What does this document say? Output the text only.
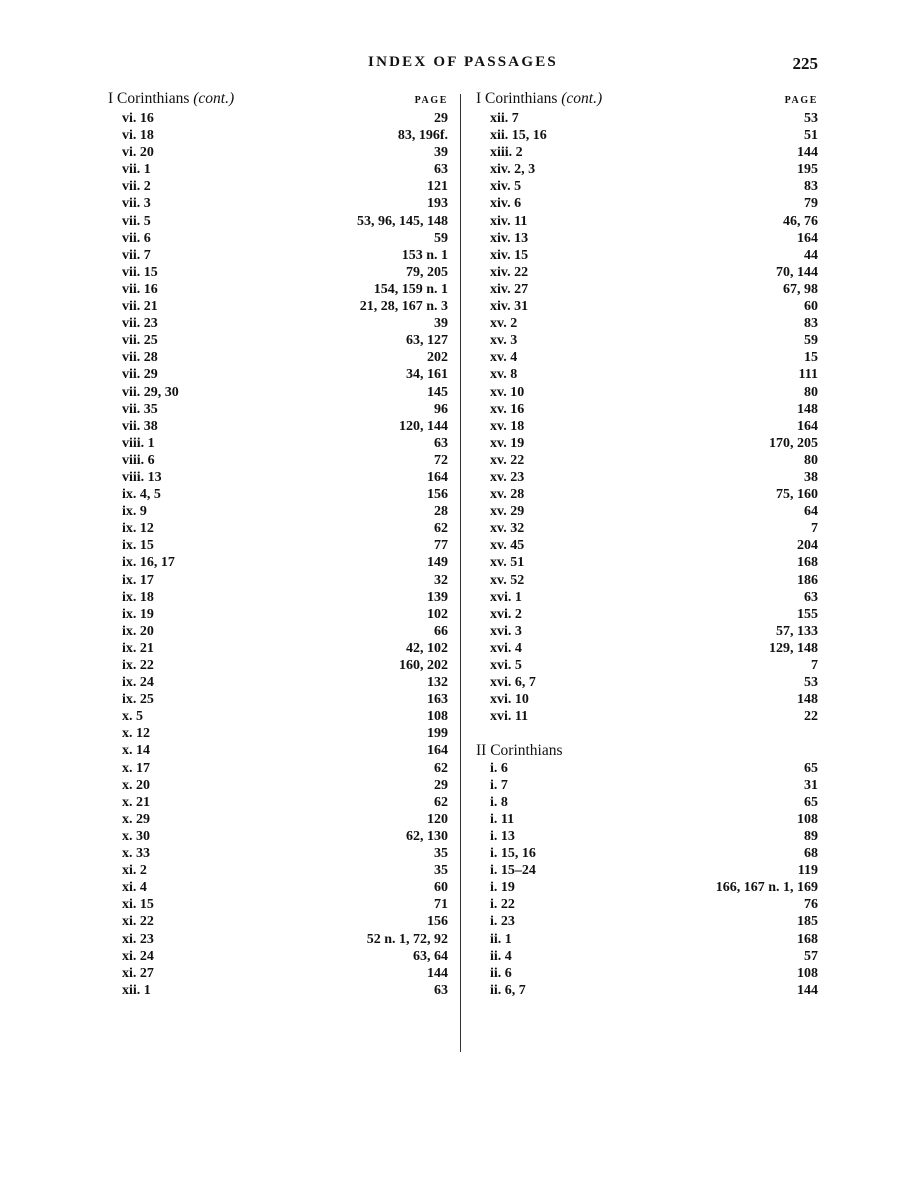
INDEX OF PASSAGES	225
I Corinthians (cont.)	PAGE
vi. 16	29
vi. 18	83, 196f.
vi. 20	39
vii. 1	63
vii. 2	121
vii. 3	193
vii. 5	53, 96, 145, 148
vii. 6	59
vii. 7	153 n. 1
vii. 15	79, 205
vii. 16	154, 159 n. 1
vii. 21	21, 28, 167 n. 3
vii. 23	39
vii. 25	63, 127
vii. 28	202
vii. 29	34, 161
vii. 29, 30	145
vii. 35	96
vii. 38	120, 144
viii. 1	63
viii. 6	72
viii. 13	164
ix. 4, 5	156
ix. 9	28
ix. 12	62
ix. 15	77
ix. 16, 17	149
ix. 17	32
ix. 18	139
ix. 19	102
ix. 20	66
ix. 21	42, 102
ix. 22	160, 202
ix. 24	132
ix. 25	163
x. 5	108
x. 12	199
x. 14	164
x. 17	62
x. 20	29
x. 21	62
x. 29	120
x. 30	62, 130
x. 33	35
xi. 2	35
xi. 4	60
xi. 15	71
xi. 22	156
xi. 23	52 n. 1, 72, 92
xi. 24	63, 64
xi. 27	144
xii. 1	63
I Corinthians (cont.)	PAGE
xii. 7	53
xii. 15, 16	51
xiii. 2	144
xiv. 2, 3	195
xiv. 5	83
xiv. 6	79
xiv. 11	46, 76
xiv. 13	164
xiv. 15	44
xiv. 22	70, 144
xiv. 27	67, 98
xiv. 31	60
xv. 2	83
xv. 3	59
xv. 4	15
xv. 8	111
xv. 10	80
xv. 16	148
xv. 18	164
xv. 19	170, 205
xv. 22	80
xv. 23	38
xv. 28	75, 160
xv. 29	64
xv. 32	7
xv. 45	204
xv. 51	168
xv. 52	186
xvi. 1	63
xvi. 2	155
xvi. 3	57, 133
xvi. 4	129, 148
xvi. 5	7
xvi. 6, 7	53
xvi. 10	148
xvi. 11	22
II Corinthians
i. 6	65
i. 7	31
i. 8	65
i. 11	108
i. 13	89
i. 15, 16	68
i. 15–24	119
i. 19	166, 167 n. 1, 169
i. 22	76
i. 23	185
ii. 1	168
ii. 4	57
ii. 6	108
ii. 6, 7	144
